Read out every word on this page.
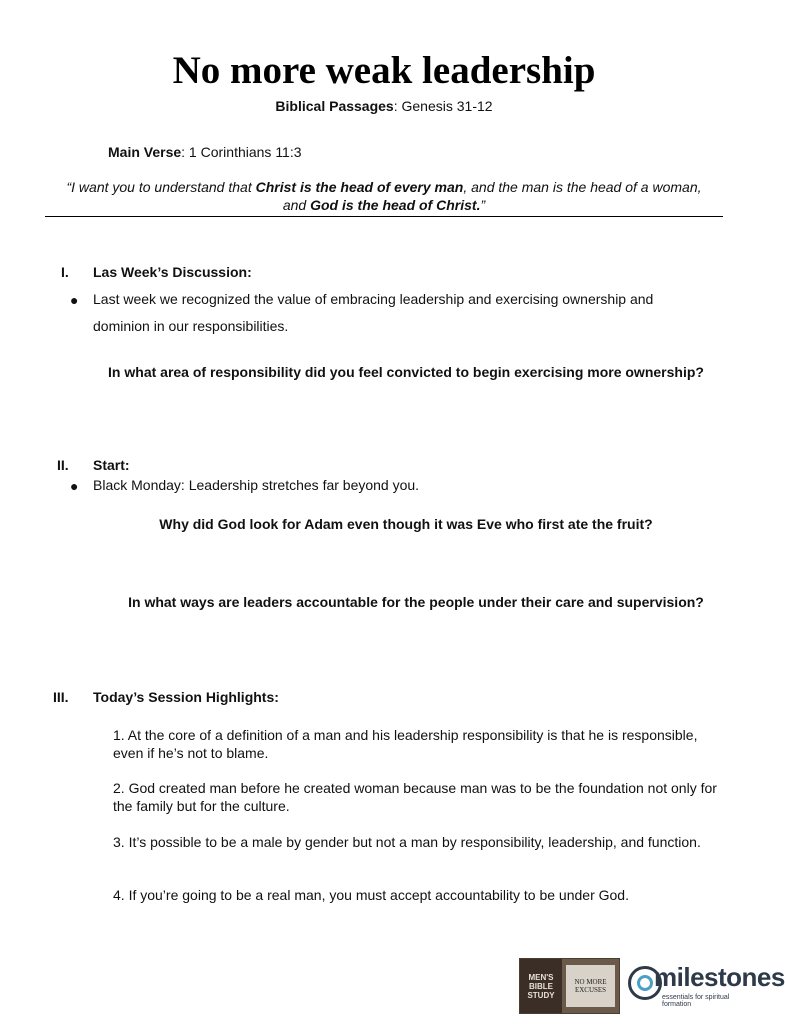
No more weak leadership
Biblical Passages: Genesis 31-12
Main Verse: 1 Corinthians 11:3
“I want you to understand that Christ is the head of every man, and the man is the head of a woman, and God is the head of Christ.”
I. Las Week’s Discussion:
● Last week we recognized the value of embracing leadership and exercising ownership and dominion in our responsibilities.
In what area of responsibility did you feel convicted to begin exercising more ownership?
II. Start:
● Black Monday: Leadership stretches far beyond you.
Why did God look for Adam even though it was Eve who first ate the fruit?
In what ways are leaders accountable for the people under their care and supervision?
III. Today’s Session Highlights:
1. At the core of a definition of a man and his leadership responsibility is that he is responsible, even if he’s not to blame.
2. God created man before he created woman because man was to be the foundation not only for the family but for the culture.
3. It’s possible to be a male by gender but not a man by responsibility, leadership, and function.
4. If you’re going to be a real man, you must accept accountability to be under God.
MEN'S BIBLE STUDY
NO MORE EXCUSES	milestones
essentials for spiritual formation
